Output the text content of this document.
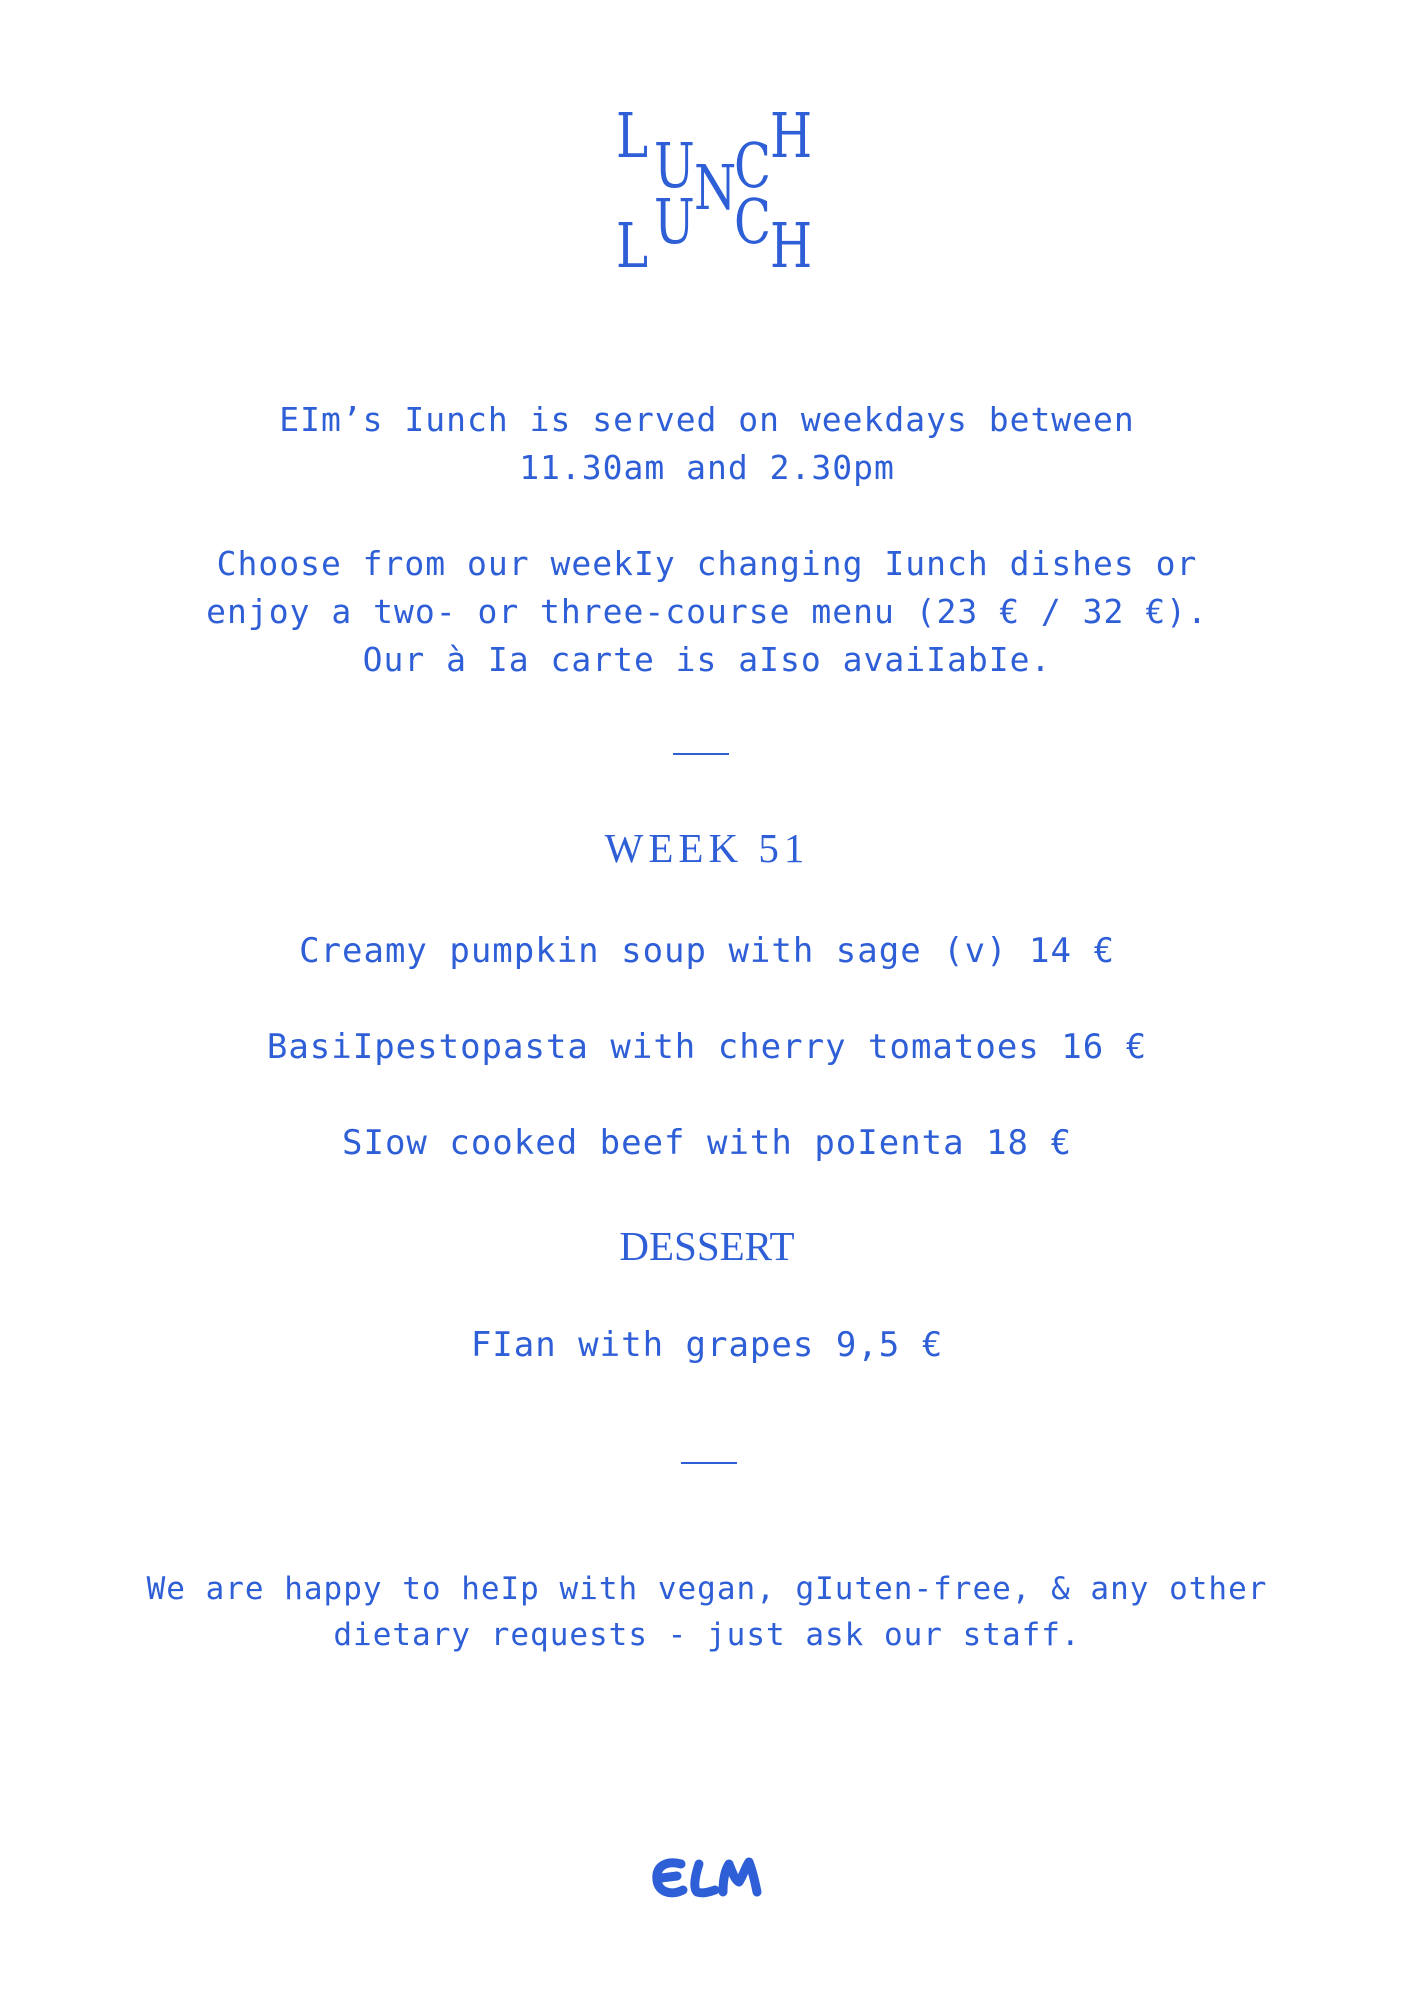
L U N
C
H
L U C
H
EIm’s Iunch is served on weekdays between
11.30am and 2.30pm
Choose from our weekIy changing Iunch dishes or
enjoy a two- or three-course menu (23 € / 32 €).
Our à Ia carte is aIso avaiIabIe.
WEEK 51
Creamy pumpkin soup with sage (v) 14 €
BasiIpestopasta with cherry tomatoes 16 €
SIow cooked beef with poIenta 18 €
DESSERT
FIan with grapes 9,5 €
We are happy to heIp with vegan, gIuten-free, & any other
dietary requests - just ask our staff.
